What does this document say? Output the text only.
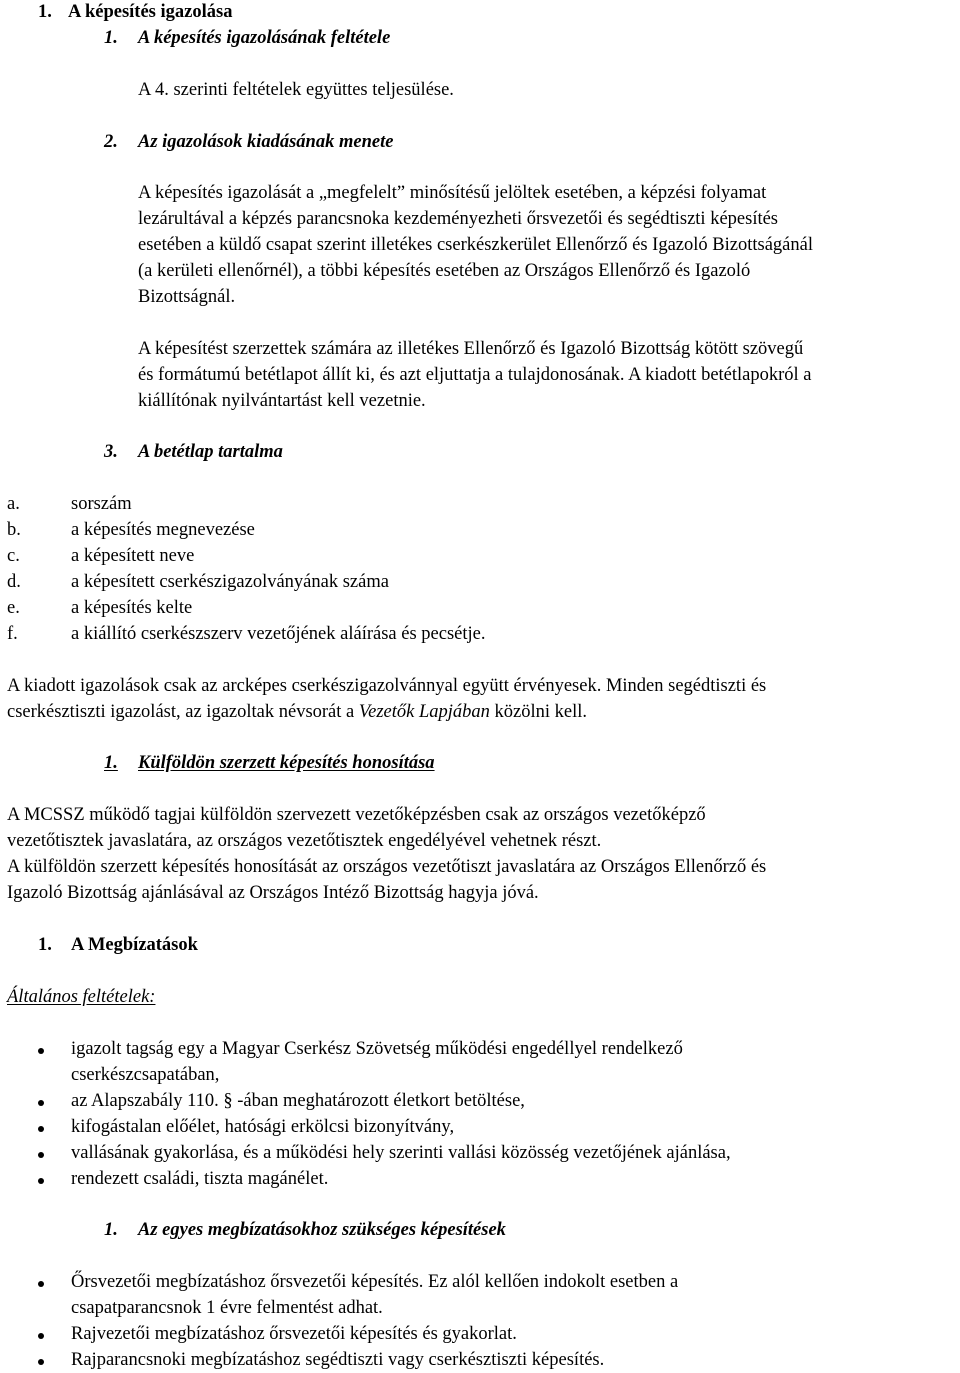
1. A képesítés igazolása
1. A képesítés igazolásának feltétele
A 4. szerinti feltételek együttes teljesülése.
2. Az igazolások kiadásának menete
A képesítés igazolását a „megfelelt” minősítésű jelöltek esetében, a képzési folyamat
lezárultával a képzés parancsnoka kezdeményezheti őrsvezetői és segédtiszti képesítés
esetében a küldő csapat szerint illetékes cserkészkerület Ellenőrző és Igazoló Bizottságánál
(a kerületi ellenőrnél), a többi képesítés esetében az Országos Ellenőrző és Igazoló
Bizottságnál.
A képesítést szerzettek számára az illetékes Ellenőrző és Igazoló Bizottság kötött szövegű
és formátumú betétlapot állít ki, és azt eljuttatja a tulajdonosának. A kiadott betétlapokról a
kiállítónak nyilvántartást kell vezetnie.
3. A betétlap tartalma
a.	sorszám
b.	a képesítés megnevezése
c.	a képesített neve
d.	a képesített cserkészigazolványának száma
e.	a képesítés kelte
f.	a kiállító cserkészszerv vezetőjének aláírása és pecsétje.
A kiadott igazolások csak az arcképes cserkészigazolvánnyal együtt érvényesek. Minden segédtiszti és
cserkésztiszti igazolást, az igazoltak névsorát a Vezetők Lapjában közölni kell.
1. Külföldön szerzett képesítés honosítása
A MCSSZ működő tagjai külföldön szervezett vezetőképzésben csak az országos vezetőképző
vezetőtisztek javaslatára, az országos vezetőtisztek engedélyével vehetnek részt.
A külföldön szerzett képesítés honosítását az országos vezetőtiszt javaslatára az Országos Ellenőrző és
Igazoló Bizottság ajánlásával az Országos Intéző Bizottság hagyja jóvá.
1. A Megbízatások
Általános feltételek:
igazolt tagság egy a Magyar Cserkész Szövetség működési engedéllyel rendelkező
cserkészcsapatában,
az Alapszabály 110. § -ában meghatározott életkort betöltése,
kifogástalan előélet, hatósági erkölcsi bizonyítvány,
vallásának gyakorlása, és a működési hely szerinti vallási közösség vezetőjének ajánlása,
rendezett családi, tiszta magánélet.
1. Az egyes megbízatásokhoz szükséges képesítések
Őrsvezetői megbízatáshoz őrsvezetői képesítés. Ez alól kellően indokolt esetben a
csapatparancsnok 1 évre felmentést adhat.
Rajvezetői megbízatáshoz őrsvezetői képesítés és gyakorlat.
Rajparancsnoki megbízatáshoz segédtiszti vagy cserkésztiszti képesítés.
